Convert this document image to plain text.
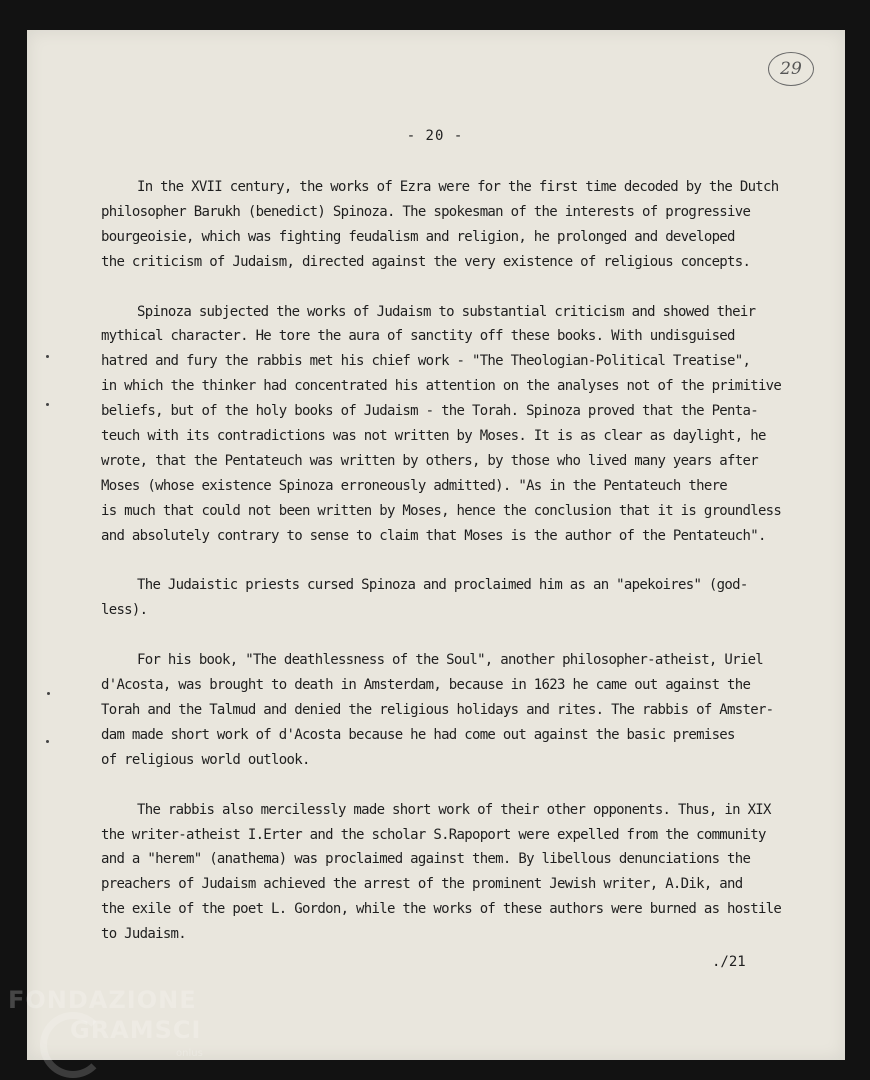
29
- 20 -
In the XVII century, the works of Ezra were for the first time decoded by the Dutch
philosopher Barukh (benedict) Spinoza. The spokesman of the interests of progressive
bourgeoisie, which was fighting feudalism and religion, he prolonged and developed
the criticism of Judaism, directed against the very existence of religious concepts.
Spinoza subjected the works of Judaism to substantial criticism and showed their
mythical character. He tore the aura of sanctity off these books. With undisguised
hatred and fury the rabbis met his chief work - "The Theologian-Political Treatise",
in which the thinker had concentrated his attention on the analyses not of the primitive
beliefs, but of the holy books of Judaism - the Torah. Spinoza proved that the Penta-
teuch with its contradictions was not written by Moses. It is as clear as daylight, he
wrote, that the Pentateuch was written by others, by those who lived many years after
Moses (whose existence Spinoza erroneously admitted). "As in the Pentateuch there
is much that could not been written by Moses, hence the conclusion that it is groundless
and absolutely contrary to sense to claim that Moses is the author of the Pentateuch".
The Judaistic priests cursed Spinoza and proclaimed him as an "apekoires" (god-
less).
For his book, "The deathlessness of the Soul", another philosopher-atheist, Uriel
d'Acosta, was brought to death in Amsterdam, because in 1623 he came out against the
Torah and the Talmud and denied the religious holidays and rites. The rabbis of Amster-
dam made short work of d'Acosta because he had come out against the basic premises
of religious world outlook.
The rabbis also mercilessly made short work of their other opponents. Thus, in XIX
the writer-atheist I.Erter and the scholar S.Rapoport were expelled from the community
and a "herem" (anathema) was proclaimed against them. By libellous denunciations the
preachers of Judaism achieved the arrest of the prominent Jewish writer, A.Dik, and
the exile of the poet L. Gordon, while the works of these authors were burned as hostile
to Judaism.
./21
FONDAZIONE
GRAMSCI
onlus
